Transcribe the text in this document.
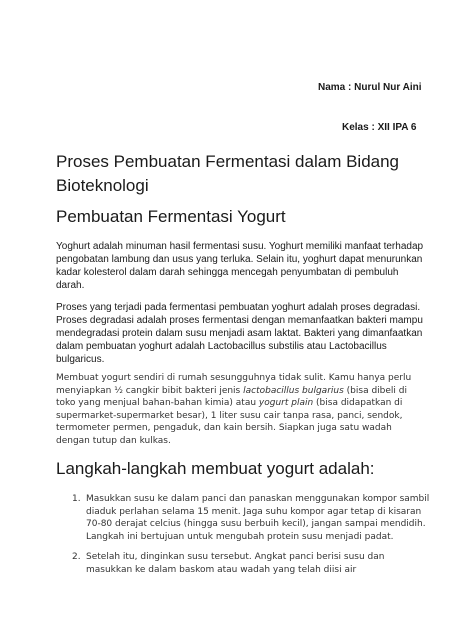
Nama : Nurul Nur Aini
Kelas : XII IPA 6
Proses Pembuatan Fermentasi dalam Bidang Bioteknologi
Pembuatan Fermentasi Yogurt

Yoghurt adalah minuman hasil fermentasi susu. Yoghurt memiliki manfaat terhadap pengobatan lambung dan usus yang terluka. Selain itu, yoghurt dapat menurunkan kadar kolesterol dalam darah sehingga mencegah penyumbatan di pembuluh darah.

Proses yang terjadi pada fermentasi pembuatan yoghurt adalah proses degradasi. Proses degradasi adalah proses fermentasi dengan memanfaatkan bakteri mampu mendegradasi protein dalam susu menjadi asam laktat. Bakteri yang dimanfaatkan dalam pembuatan yoghurt adalah Lactobacillus substilis atau Lactobacillus bulgaricus.

Membuat yogurt sendiri di rumah sesungguhnya tidak sulit. Kamu hanya perlu menyiapkan ½ cangkir bibit bakteri jenis lactobacillus bulgarius (bisa dibeli di toko yang menjual bahan-bahan kimia) atau yogurt plain (bisa didapatkan di supermarket-supermarket besar), 1 liter susu cair tanpa rasa, panci, sendok, termometer permen, pengaduk, dan kain bersih. Siapkan juga satu wadah dengan tutup dan kulkas.

Langkah-langkah membuat yogurt adalah:
1. Masukkan susu ke dalam panci dan panaskan menggunakan kompor sambil diaduk perlahan selama 15 menit. Jaga suhu kompor agar tetap di kisaran 70-80 derajat celcius (hingga susu berbuih kecil), jangan sampai mendidih. Langkah ini bertujuan untuk mengubah protein susu menjadi padat.
2. Setelah itu, dinginkan susu tersebut. Angkat panci berisi susu dan masukkan ke dalam baskom atau wadah yang telah diisi air
